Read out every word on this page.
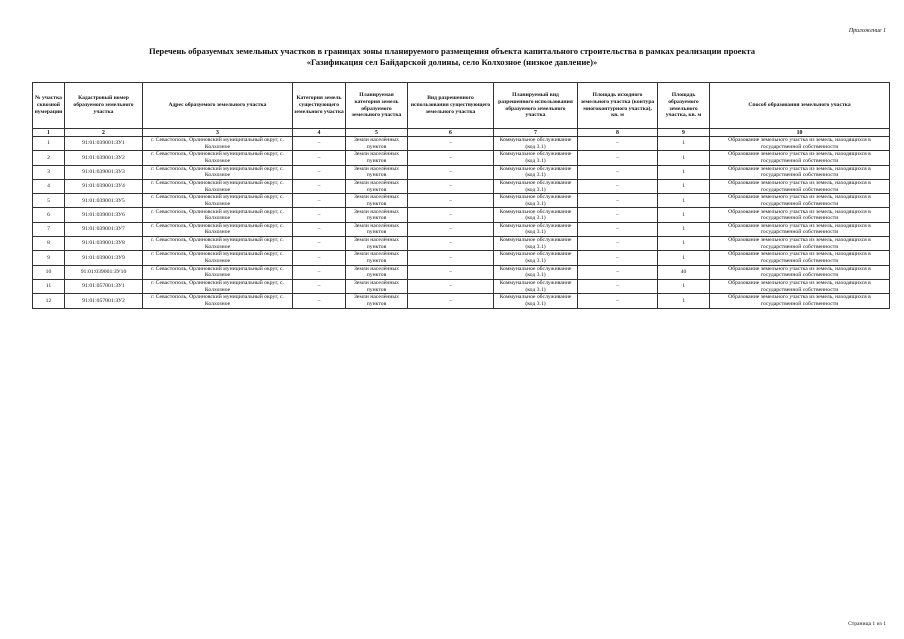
Приложение 1
Перечень образуемых земельных участков в границах зоны планируемого размещения объекта капитального строительства в рамках реализации проекта
«Газификация сел Байдарской долины, село Колхозное (низкое давление)»
№ участка сквозной нумерации	Кадастровый номер образуемого земельного участка	Адрес образуемого земельного участка	Категория земель существующего земельного участка	Планируемая категория земель образуемого земельного участка	Вид разрешенного использования существующего земельного участка	Планируемый вид разрешенного использования образуемого земельного участка	Площадь исходного земельного участка (контура многоконтурного участка), кв. м	Площадь образуемого земельного участка, кв. м	Способ образования земельного участка
1	2	3	4	5	6	7	8	9	10
1	91:01:039001:ЗУ1	г. Севастополь, Орлиновский муниципальный округ, с. Колхозное	–	Земли населённых пунктов	–	Коммунальное обслуживание (код 3.1)	–	1	Образование земельного участка из земель, находящихся в государственной собственности
2	91:01:039001:ЗУ2	г. Севастополь, Орлиновский муниципальный округ, с. Колхозное	–	Земли населённых пунктов	–	Коммунальное обслуживание (код 3.1)	–	1	Образование земельного участка из земель, находящихся в государственной собственности
3	91:01:039001:ЗУ3	г. Севастополь, Орлиновский муниципальный округ, с. Колхозное	–	Земли населённых пунктов	–	Коммунальное обслуживание (код 3.1)	–	1	Образование земельного участка из земель, находящихся в государственной собственности
4	91:01:039001:ЗУ4	г. Севастополь, Орлиновский муниципальный округ, с. Колхозное	–	Земли населённых пунктов	–	Коммунальное обслуживание (код 3.1)	–	1	Образование земельного участка из земель, находящихся в государственной собственности
5	91:01:039001:ЗУ5	г. Севастополь, Орлиновский муниципальный округ, с. Колхозное	–	Земли населённых пунктов	–	Коммунальное обслуживание (код 3.1)	–	1	Образование земельного участка из земель, находящихся в государственной собственности
6	91:01:039001:ЗУ6	г. Севастополь, Орлиновский муниципальный округ, с. Колхозное	–	Земли населённых пунктов	–	Коммунальное обслуживание (код 3.1)	–	1	Образование земельного участка из земель, находящихся в государственной собственности
7	91:01:039001:ЗУ7	г. Севастополь, Орлиновский муниципальный округ, с. Колхозное	–	Земли населённых пунктов	–	Коммунальное обслуживание (код 3.1)	–	1	Образование земельного участка из земель, находящихся в государственной собственности
8	91:01:039001:ЗУ8	г. Севастополь, Орлиновский муниципальный округ, с. Колхозное	–	Земли населённых пунктов	–	Коммунальное обслуживание (код 3.1)	–	1	Образование земельного участка из земель, находящихся в государственной собственности
9	91:01:039001:ЗУ9	г. Севастополь, Орлиновский муниципальный округ, с. Колхозное	–	Земли населённых пунктов	–	Коммунальное обслуживание (код 3.1)	–	1	Образование земельного участка из земель, находящихся в государственной собственности
10	91:01:039001:ЗУ10	г. Севастополь, Орлиновский муниципальный округ, с. Колхозное	–	Земли населённых пунктов	–	Коммунальное обслуживание (код 3.1)	–	40	Образование земельного участка из земель, находящихся в государственной собственности
11	91:01:057001:ЗУ1	г. Севастополь, Орлиновский муниципальный округ, с. Колхозное	–	Земли населённых пунктов	–	Коммунальное обслуживание (код 3.1)	–	1	Образование земельного участка из земель, находящихся в государственной собственности
12	91:01:057001:ЗУ2	г. Севастополь, Орлиновский муниципальный округ, с. Колхозное	–	Земли населённых пунктов	–	Коммунальное обслуживание (код 3.1)	–	1	Образование земельного участка из земель, находящихся в государственной собственности
Страница 1 из 1
